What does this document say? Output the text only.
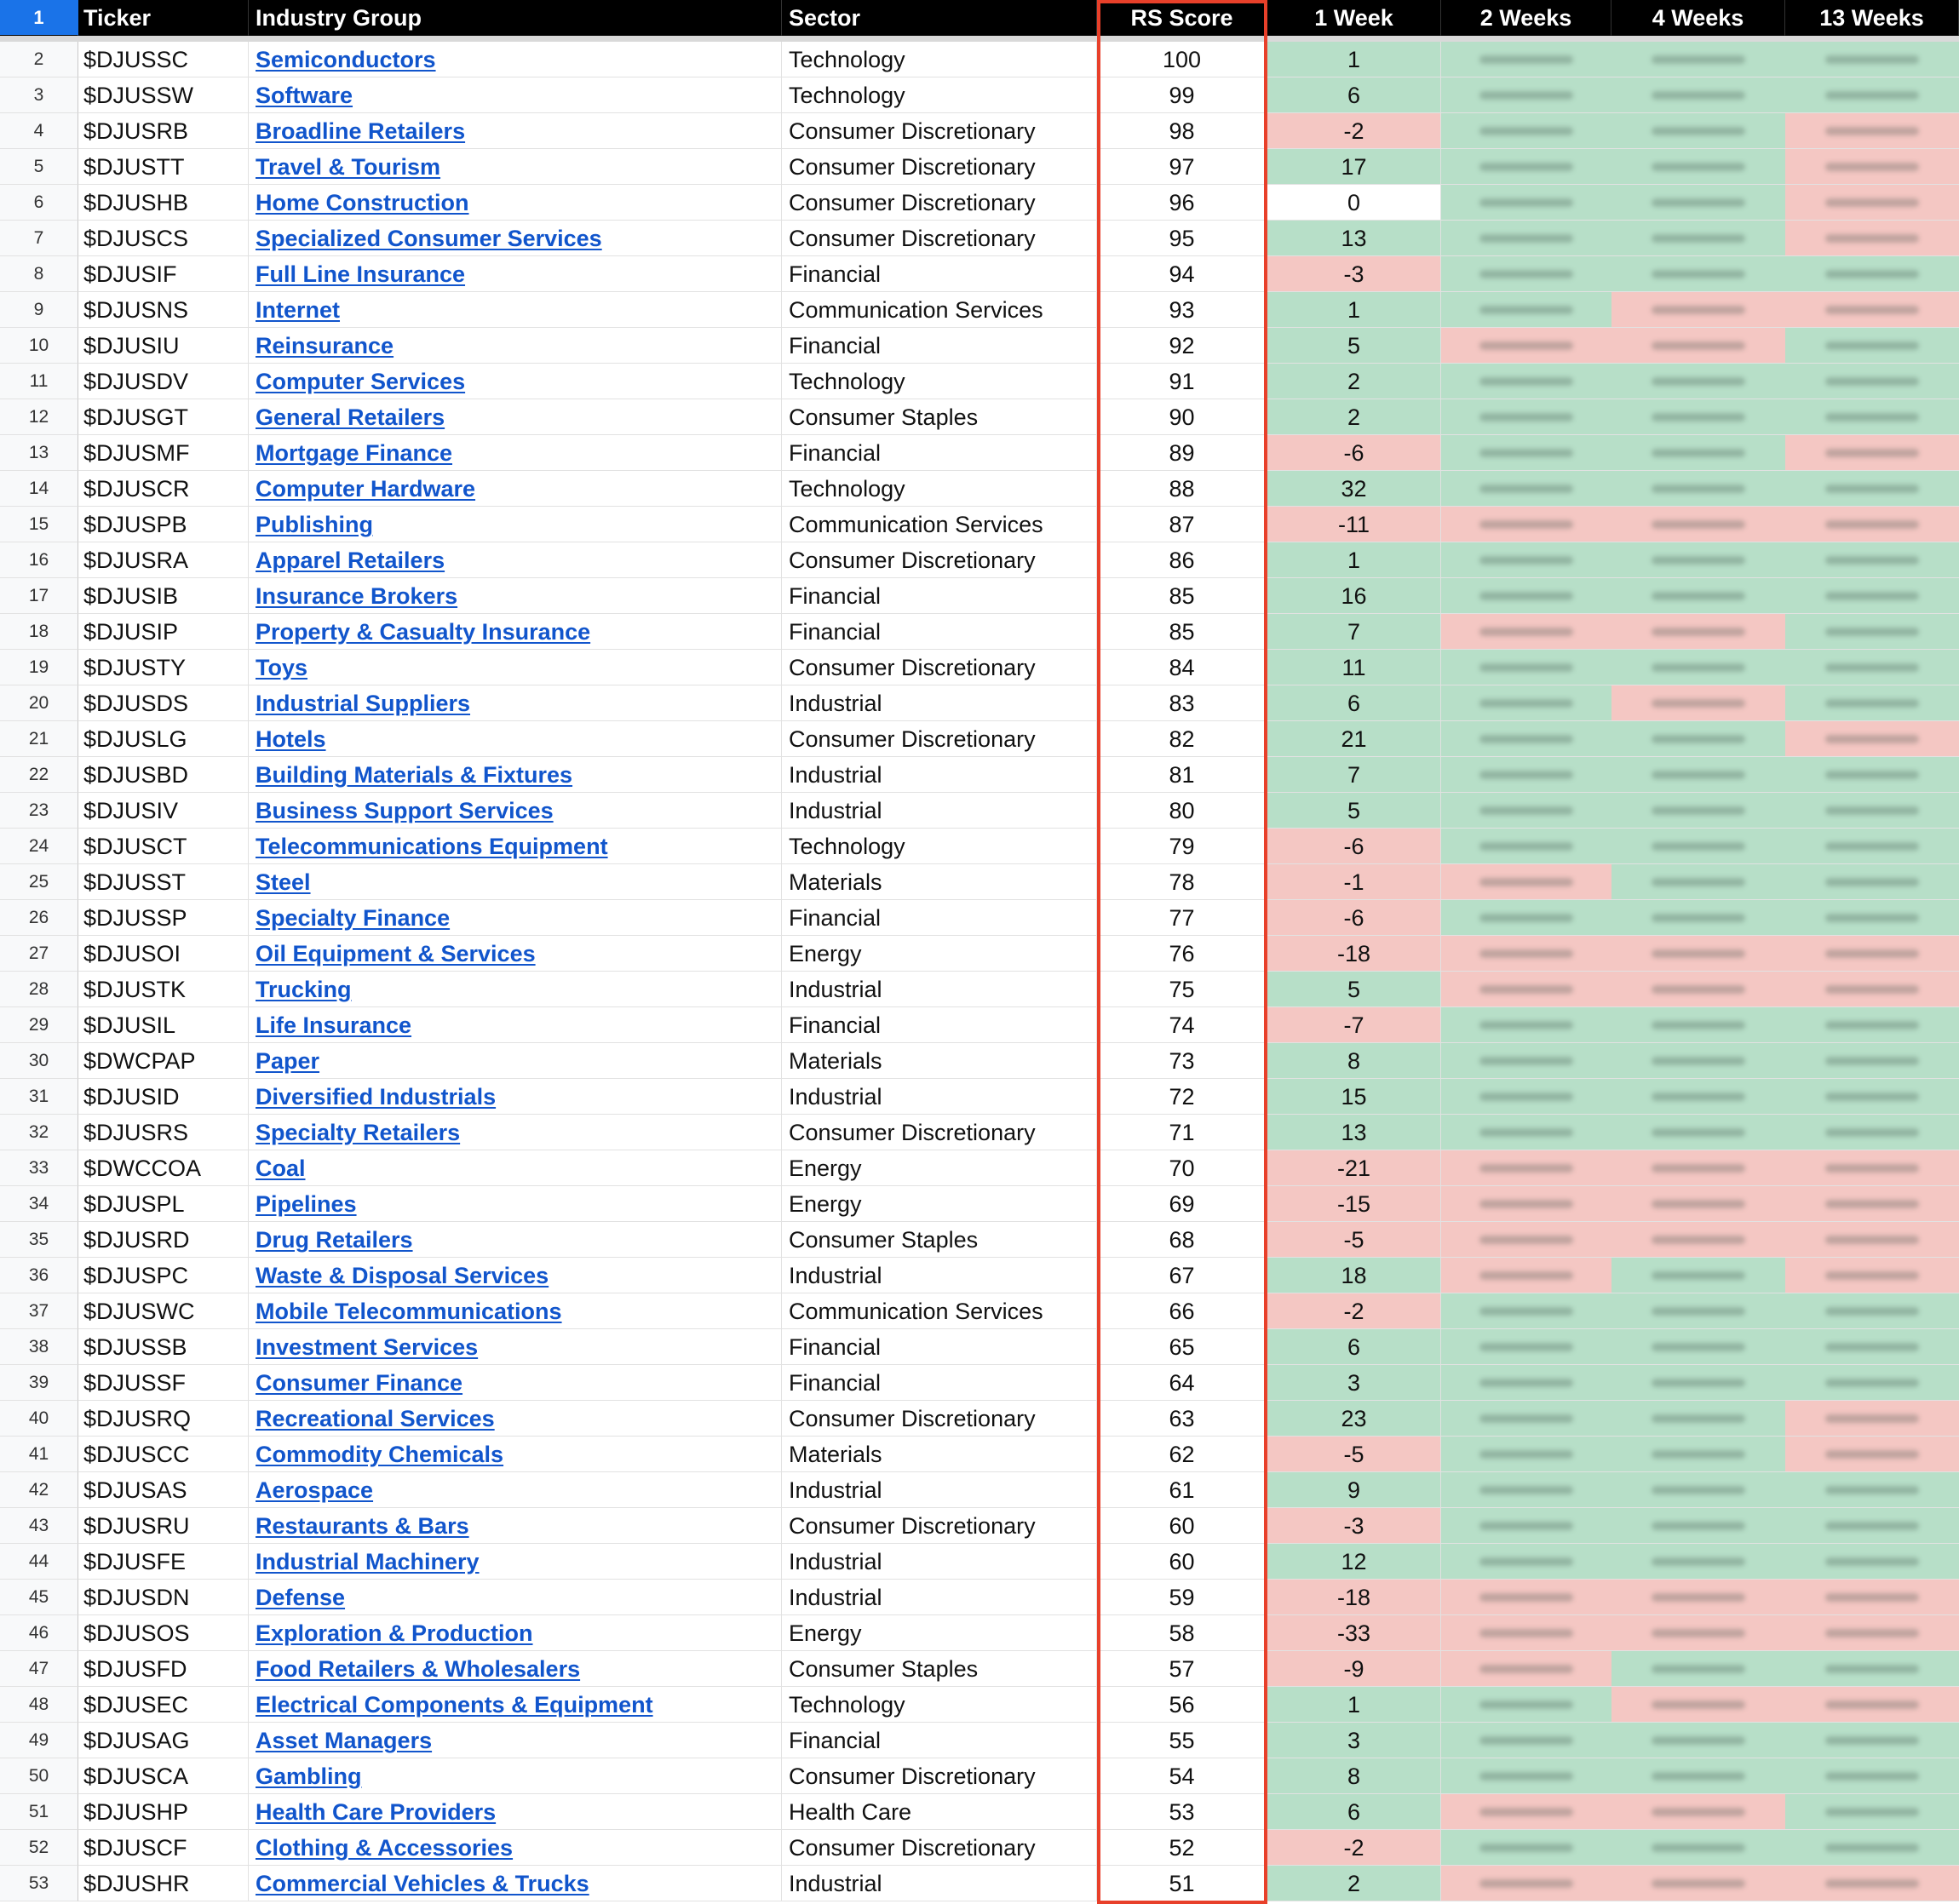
1	Ticker	Industry Group	Sector	RS Score	1 Week	2 Weeks	4 Weeks	13 Weeks
2	$DJUSSC	Semiconductors	Technology	100	1
3	$DJUSSW	Software	Technology	99	6
4	$DJUSRB	Broadline Retailers	Consumer Discretionary	98	-2
5	$DJUSTT	Travel & Tourism	Consumer Discretionary	97	17
6	$DJUSHB	Home Construction	Consumer Discretionary	96	0
7	$DJUSCS	Specialized Consumer Services	Consumer Discretionary	95	13
8	$DJUSIF	Full Line Insurance	Financial	94	-3
9	$DJUSNS	Internet	Communication Services	93	1
10	$DJUSIU	Reinsurance	Financial	92	5
11	$DJUSDV	Computer Services	Technology	91	2
12	$DJUSGT	General Retailers	Consumer Staples	90	2
13	$DJUSMF	Mortgage Finance	Financial	89	-6
14	$DJUSCR	Computer Hardware	Technology	88	32
15	$DJUSPB	Publishing	Communication Services	87	-11
16	$DJUSRA	Apparel Retailers	Consumer Discretionary	86	1
17	$DJUSIB	Insurance Brokers	Financial	85	16
18	$DJUSIP	Property & Casualty Insurance	Financial	85	7
19	$DJUSTY	Toys	Consumer Discretionary	84	11
20	$DJUSDS	Industrial Suppliers	Industrial	83	6
21	$DJUSLG	Hotels	Consumer Discretionary	82	21
22	$DJUSBD	Building Materials & Fixtures	Industrial	81	7
23	$DJUSIV	Business Support Services	Industrial	80	5
24	$DJUSCT	Telecommunications Equipment	Technology	79	-6
25	$DJUSST	Steel	Materials	78	-1
26	$DJUSSP	Specialty Finance	Financial	77	-6
27	$DJUSOI	Oil Equipment & Services	Energy	76	-18
28	$DJUSTK	Trucking	Industrial	75	5
29	$DJUSIL	Life Insurance	Financial	74	-7
30	$DWCPAP	Paper	Materials	73	8
31	$DJUSID	Diversified Industrials	Industrial	72	15
32	$DJUSRS	Specialty Retailers	Consumer Discretionary	71	13
33	$DWCCOA	Coal	Energy	70	-21
34	$DJUSPL	Pipelines	Energy	69	-15
35	$DJUSRD	Drug Retailers	Consumer Staples	68	-5
36	$DJUSPC	Waste & Disposal Services	Industrial	67	18
37	$DJUSWC	Mobile Telecommunications	Communication Services	66	-2
38	$DJUSSB	Investment Services	Financial	65	6
39	$DJUSSF	Consumer Finance	Financial	64	3
40	$DJUSRQ	Recreational Services	Consumer Discretionary	63	23
41	$DJUSCC	Commodity Chemicals	Materials	62	-5
42	$DJUSAS	Aerospace	Industrial	61	9
43	$DJUSRU	Restaurants & Bars	Consumer Discretionary	60	-3
44	$DJUSFE	Industrial Machinery	Industrial	60	12
45	$DJUSDN	Defense	Industrial	59	-18
46	$DJUSOS	Exploration & Production	Energy	58	-33
47	$DJUSFD	Food Retailers & Wholesalers	Consumer Staples	57	-9
48	$DJUSEC	Electrical Components & Equipment	Technology	56	1
49	$DJUSAG	Asset Managers	Financial	55	3
50	$DJUSCA	Gambling	Consumer Discretionary	54	8
51	$DJUSHP	Health Care Providers	Health Care	53	6
52	$DJUSCF	Clothing & Accessories	Consumer Discretionary	52	-2
53	$DJUSHR	Commercial Vehicles & Trucks	Industrial	51	2
